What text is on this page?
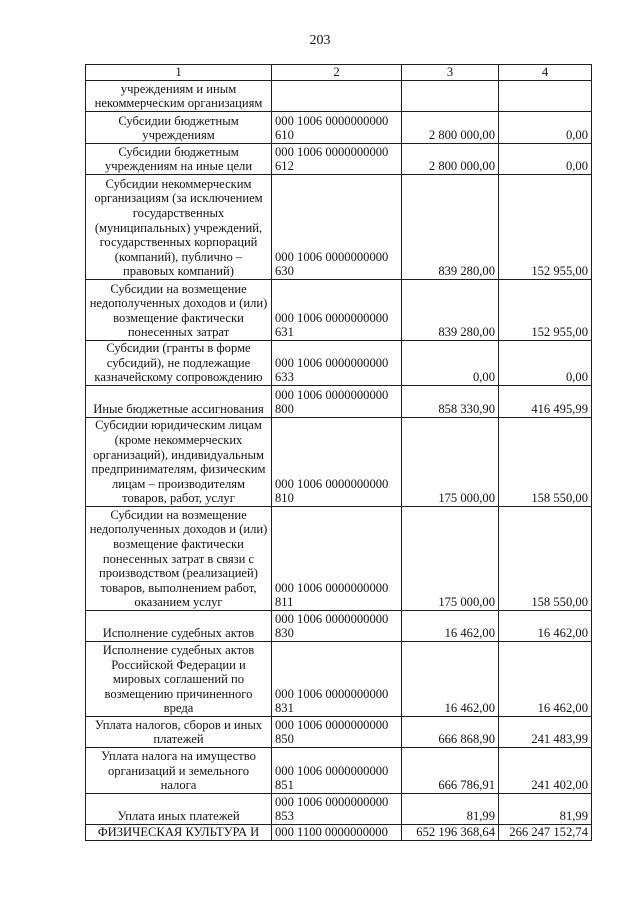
203
1	2	3	4
учреждениям и иным некоммерческим организациям			
Субсидии бюджетным учреждениям	000 1006 0000000000 610	2 800 000,00	0,00
Субсидии бюджетным учреждениям на иные цели	000 1006 0000000000 612	2 800 000,00	0,00
Субсидии некоммерческим организациям (за исключением государственных (муниципальных) учреждений, государственных корпораций (компаний), публично – правовых компаний)	000 1006 0000000000 630	839 280,00	152 955,00
Субсидии на возмещение недополученных доходов и (или) возмещение фактически понесенных затрат	000 1006 0000000000 631	839 280,00	152 955,00
Субсидии (гранты в форме субсидий), не подлежащие казначейскому сопровождению	000 1006 0000000000 633	0,00	0,00
Иные бюджетные ассигнования	000 1006 0000000000 800	858 330,90	416 495,99
Субсидии юридическим лицам (кроме некоммерческих организаций), индивидуальным предпринимателям, физическим лицам – производителям товаров, работ, услуг	000 1006 0000000000 810	175 000,00	158 550,00
Субсидии на возмещение недополученных доходов и (или) возмещение фактически понесенных затрат в связи с производством (реализацией) товаров, выполнением работ, оказанием услуг	000 1006 0000000000 811	175 000,00	158 550,00
Исполнение судебных актов	000 1006 0000000000 830	16 462,00	16 462,00
Исполнение судебных актов Российской Федерации и мировых соглашений по возмещению причиненного вреда	000 1006 0000000000 831	16 462,00	16 462,00
Уплата налогов, сборов и иных платежей	000 1006 0000000000 850	666 868,90	241 483,99
Уплата налога на имущество организаций и земельного налога	000 1006 0000000000 851	666 786,91	241 402,00
Уплата иных платежей	000 1006 0000000000 853	81,99	81,99
ФИЗИЧЕСКАЯ КУЛЬТУРА И	000 1100 0000000000	652 196 368,64	266 247 152,74
